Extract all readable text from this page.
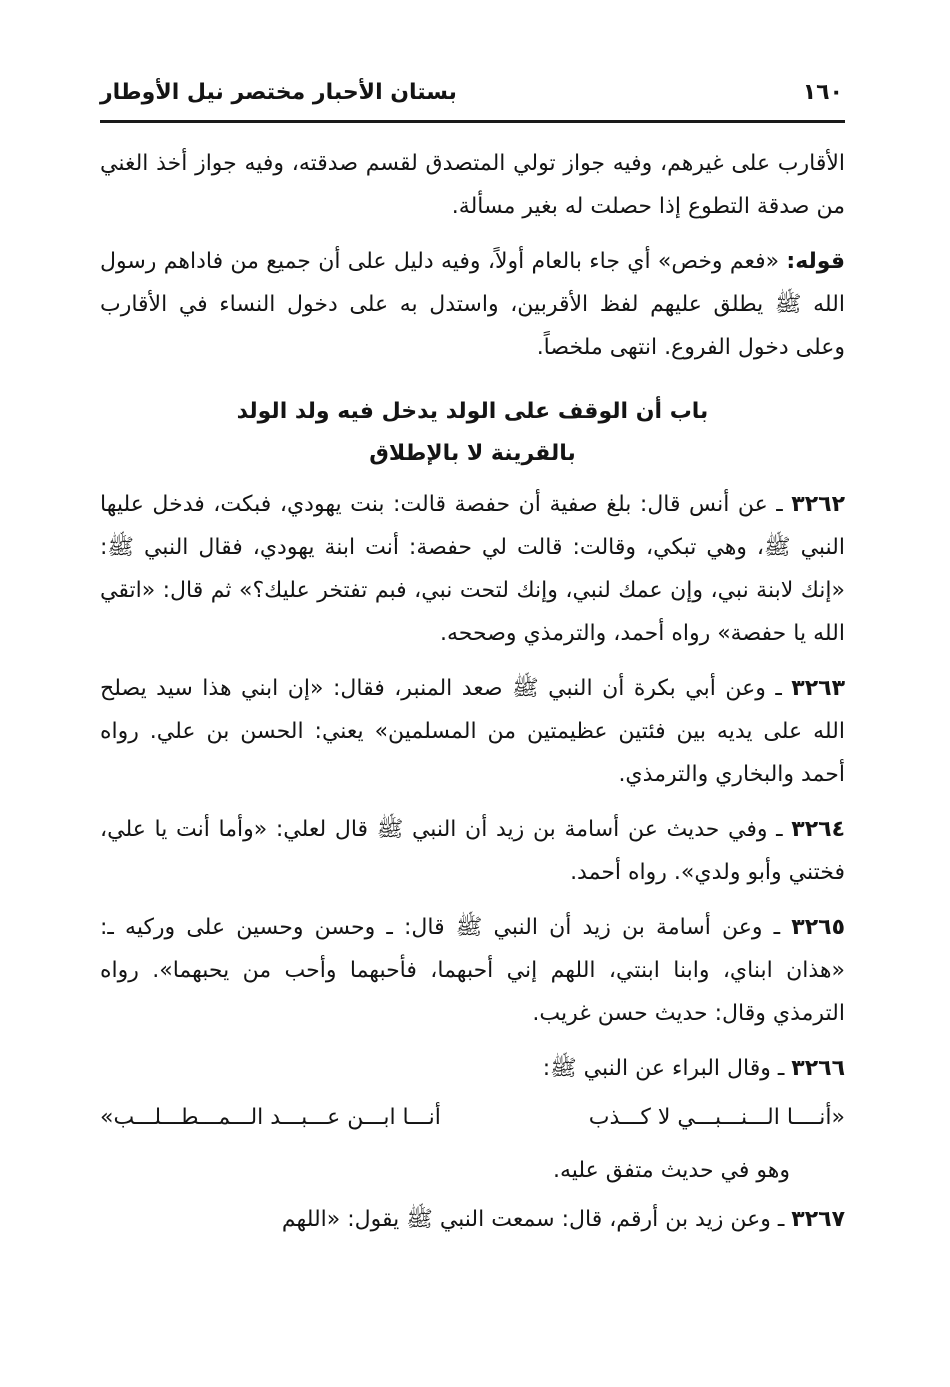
١٦٠
بستان الأحبار مختصر نيل الأوطار

الأقارب على غيرهم، وفيه جواز تولي المتصدق لقسم صدقته، وفيه جواز أخذ الغني من صدقة التطوع إذا حصلت له بغير مسألة.

قوله: «فعم وخص» أي جاء بالعام أولاً، وفيه دليل على أن جميع من فاداهم رسول الله ﷺ يطلق عليهم لفظ الأقربين، واستدل به على دخول النساء في الأقارب وعلى دخول الفروع. انتهى ملخصاً.

باب أن الوقف على الولد يدخل فيه ولد الولد
بالقرينة لا بالإطلاق

٣٢٦٢ ـ عن أنس قال: بلغ صفية أن حفصة قالت: بنت يهودي، فبكت، فدخل عليها النبي ﷺ، وهي تبكي، وقالت: قالت لي حفصة: أنت ابنة يهودي، فقال النبي ﷺ: «إنك لابنة نبي، وإن عمك لنبي، وإنك لتحت نبي، فبم تفتخر عليك؟» ثم قال: «اتقي الله يا حفصة» رواه أحمد، والترمذي وصححه.

٣٢٦٣ ـ وعن أبي بكرة أن النبي ﷺ صعد المنبر، فقال: «إن ابني هذا سيد يصلح الله على يديه بين فئتين عظيمتين من المسلمين» يعني: الحسن بن علي. رواه أحمد والبخاري والترمذي.

٣٢٦٤ ـ وفي حديث عن أسامة بن زيد أن النبي ﷺ قال لعلي: «وأما أنت يا علي، فختني وأبو ولدي». رواه أحمد.

٣٢٦٥ ـ وعن أسامة بن زيد أن النبي ﷺ قال: ـ وحسن وحسين على وركيه ـ: «هذان ابناي، وابنا ابنتي، اللهم إني أحبهما، فأحبهما وأحب من يحبهما». رواه الترمذي وقال: حديث حسن غريب.

٣٢٦٦ ـ وقال البراء عن النبي ﷺ:

«أنــــا الـــنـــبـــي لا كـــذب
أنـــا ابـــن عـــبـــد الـــمـــطـــلـــب»

وهو في حديث متفق عليه.

٣٢٦٧ ـ وعن زيد بن أرقم، قال: سمعت النبي ﷺ يقول: «اللهم
